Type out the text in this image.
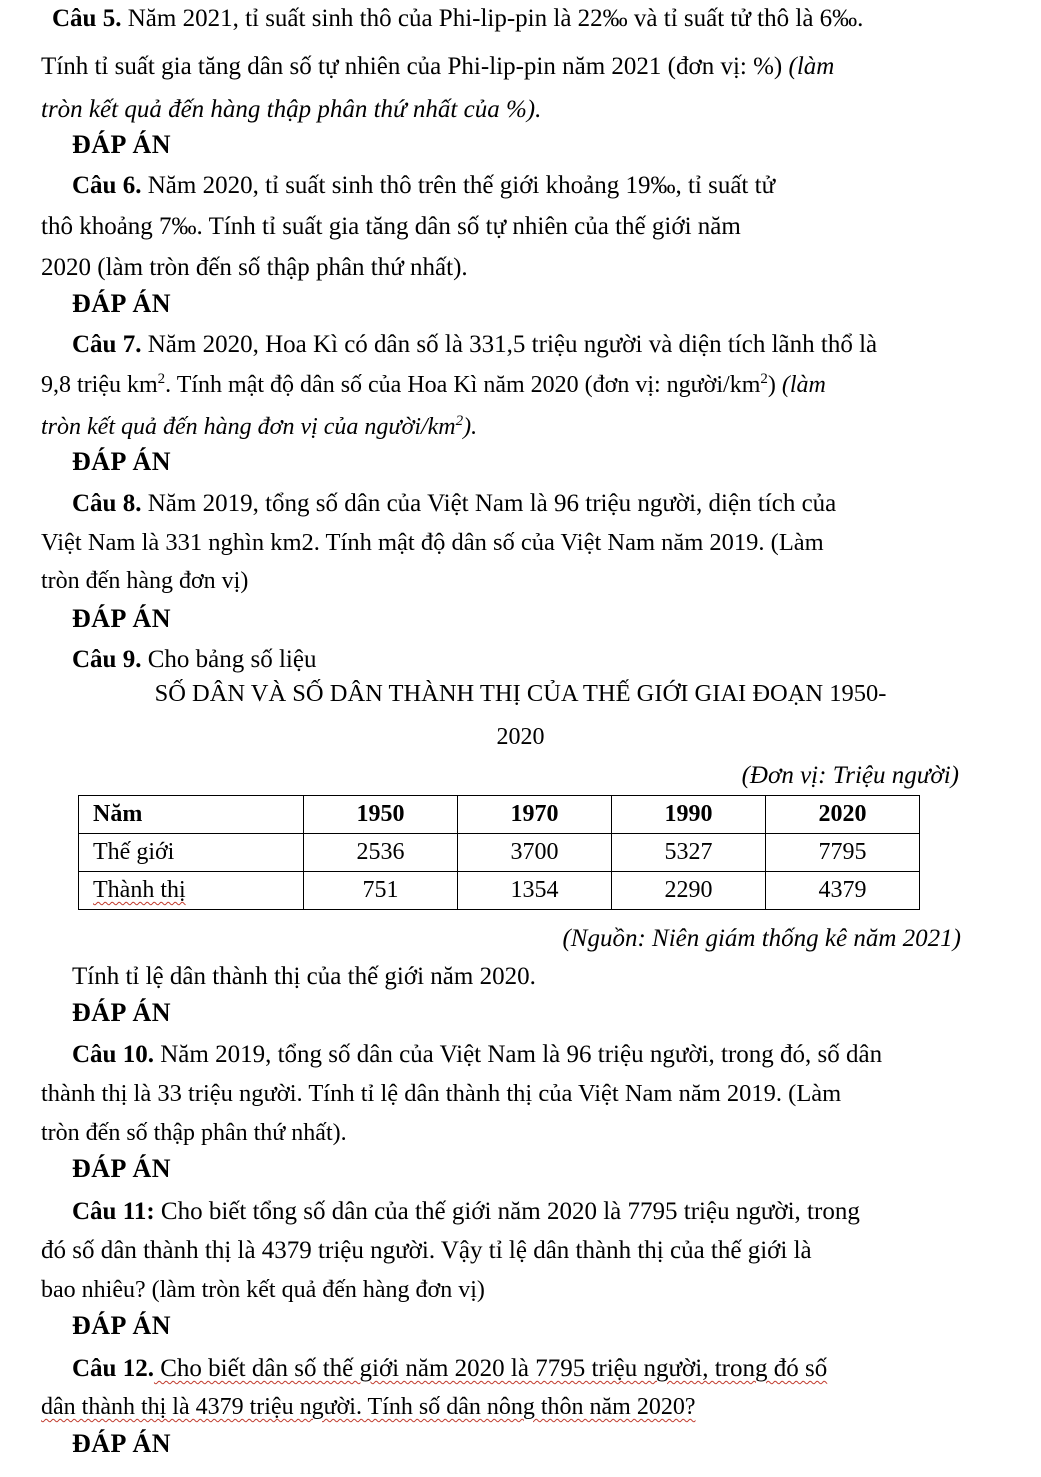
Câu 5. Năm 2021, tỉ suất sinh thô của Phi-lip-pin là 22‰ và tỉ suất tử thô là 6‰.
Tính tỉ suất gia tăng dân số tự nhiên của Phi-lip-pin năm 2021 (đơn vị: %) (làm
tròn kết quả đến hàng thập phân thứ nhất của %).
ĐÁP ÁN
Câu 6. Năm 2020, tỉ suất sinh thô trên thế giới khoảng 19‰, tỉ suất tử
thô khoảng 7‰. Tính tỉ suất gia tăng dân số tự nhiên của thế giới năm
2020 (làm tròn đến số thập phân thứ nhất).
ĐÁP ÁN
Câu 7. Năm 2020, Hoa Kì có dân số là 331,5 triệu người và diện tích lãnh thổ là
9,8 triệu $km^2$. Tính mật độ dân số của Hoa Kì năm 2020 (đơn vị: người/$km^2$) (làm
tròn kết quả đến hàng đơn vị của người/$km^2$).
ĐÁP ÁN
Câu 8. Năm 2019, tổng số dân của Việt Nam là 96 triệu người, diện tích của
Việt Nam là 331 nghìn km2. Tính mật độ dân số của Việt Nam năm 2019. (Làm
tròn đến hàng đơn vị)
ĐÁP ÁN
Câu 9. Cho bảng số liệu
SỐ DÂN VÀ SỐ DÂN THÀNH THỊ CỦA THẾ GIỚI GIAI ĐOẠN 1950-
2020
(Đơn vị: Triệu người)
Năm	1950	1970	1990	2020
Thế giới	2536	3700	5327	7795
Thành thị	751	1354	2290	4379
(Nguồn: Niên giám thống kê năm 2021)
Tính tỉ lệ dân thành thị của thế giới năm 2020.
ĐÁP ÁN
Câu 10. Năm 2019, tổng số dân của Việt Nam là 96 triệu người, trong đó, số dân
thành thị là 33 triệu người. Tính tỉ lệ dân thành thị của Việt Nam năm 2019. (Làm
tròn đến số thập phân thứ nhất).
ĐÁP ÁN
Câu 11: Cho biết tổng số dân của thế giới năm 2020 là 7795 triệu người, trong
đó số dân thành thị là 4379 triệu người. Vậy tỉ lệ dân thành thị của thế giới là
bao nhiêu? (làm tròn kết quả đến hàng đơn vị)
ĐÁP ÁN
Câu 12. Cho biết dân số thế giới năm 2020 là 7795 triệu người, trong đó số
dân thành thị là 4379 triệu người. Tính số dân nông thôn năm 2020?
ĐÁP ÁN
